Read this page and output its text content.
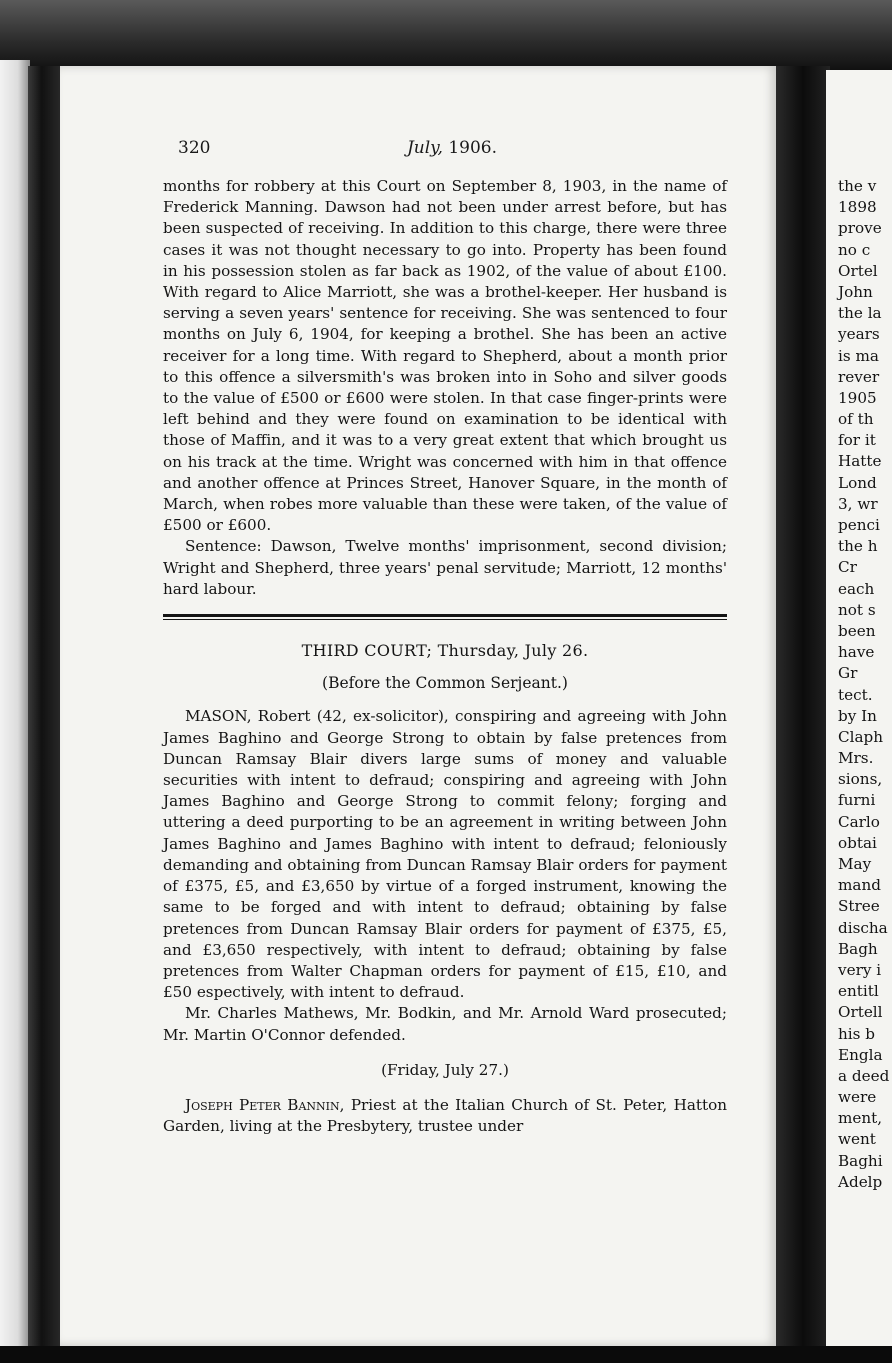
320	July, 1906.

months for robbery at this Court on September 8, 1903, in the name of Frederick Manning. Dawson had not been under arrest before, but has been suspected of receiving. In addition to this charge, there were three cases it was not thought necessary to go into. Property has been found in his possession stolen as far back as 1902, of the value of about £100. With regard to Alice Marriott, she was a brothel-keeper. Her husband is serving a seven years' sentence for receiving. She was sentenced to four months on July 6, 1904, for keeping a brothel. She has been an active receiver for a long time. With regard to Shepherd, about a month prior to this offence a silversmith's was broken into in Soho and silver goods to the value of £500 or £600 were stolen. In that case finger-prints were left behind and they were found on examination to be identical with those of Maffin, and it was to a very great extent that which brought us on his track at the time. Wright was concerned with him in that offence and another offence at Princes Street, Hanover Square, in the month of March, when robes more valuable than these were taken, of the value of £500 or £600.

Sentence: Dawson, Twelve months' imprisonment, second division; Wright and Shepherd, three years' penal servitude; Marriott, 12 months' hard labour.

THIRD COURT; Thursday, July 26.
(Before the Common Serjeant.)

MASON, Robert (42, ex-solicitor), conspiring and agreeing with John James Baghino and George Strong to obtain by false pretences from Duncan Ramsay Blair divers large sums of money and valuable securities with intent to defraud; conspiring and agreeing with John James Baghino and George Strong to commit felony; forging and uttering a deed purporting to be an agreement in writing between John James Baghino and James Baghino with intent to defraud; feloniously demanding and obtaining from Duncan Ramsay Blair orders for payment of £375, £5, and £3,650 by virtue of a forged instrument, knowing the same to be forged and with intent to defraud; obtaining by false pretences from Duncan Ramsay Blair orders for payment of £375, £5, and £3,650 respectively, with intent to defraud; obtaining by false pretences from Walter Chapman orders for payment of £15, £10, and £50 espectively, with intent to defraud.

Mr. Charles Mathews, Mr. Bodkin, and Mr. Arnold Ward prosecuted; Mr. Martin O'Connor defended.

(Friday, July 27.)

Joseph Peter Bannin, Priest at the Italian Church of St. Peter, Hatton Garden, living at the Presbytery, trustee under

the v
1898
prove
no c
Ortel
John
the la
years
is ma
rever
1905
of th
for it
Hatte
Lond
3, wr
penci
the h
Cr
each
not s
been
have
Gr
tect.
by In
Claph
Mrs.
sions,
furni
Carlo
obtai
May
mand
Stree
discha
Bagh
very i
entitl
Ortell
his b
Engla
a deed
were
ment,
went
Baghi
Adelp
